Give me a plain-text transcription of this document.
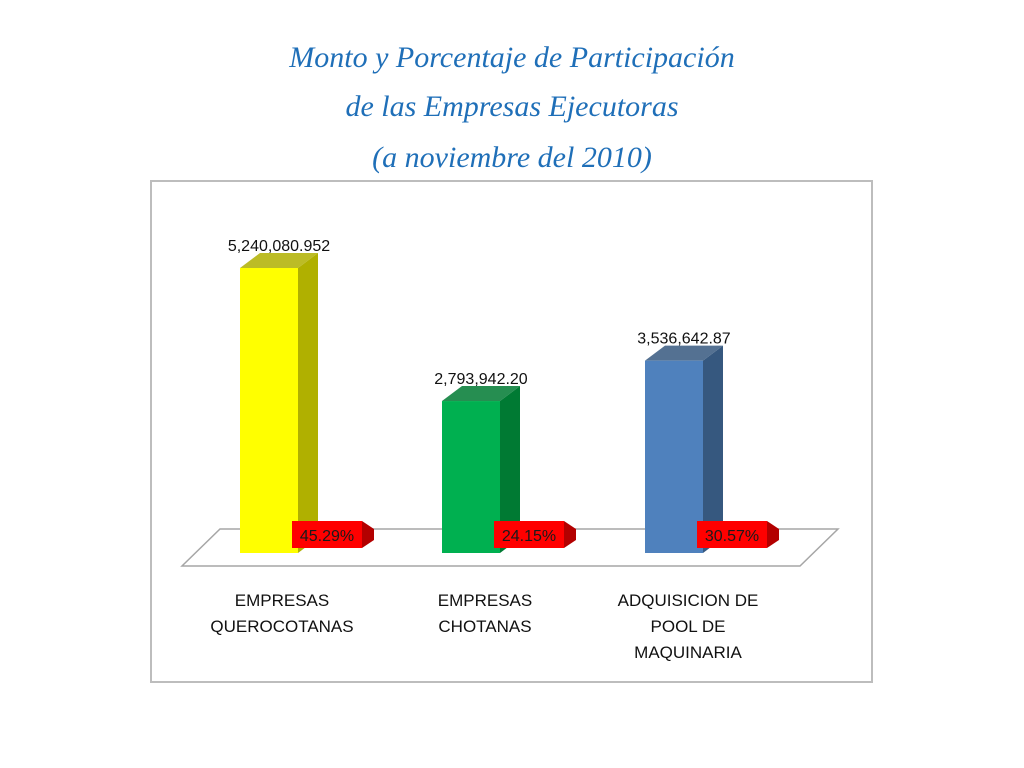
Monto y Porcentaje de Participación
de las Empresas Ejecutoras
(a noviembre del 2010)
5,240,080.952
45.29%
2,793,942.20
24.15%
3,536,642.87
30.57%
EMPRESAS
QUEROCOTANAS
EMPRESAS
CHOTANAS
ADQUISICION DE
POOL DE
MAQUINARIA
